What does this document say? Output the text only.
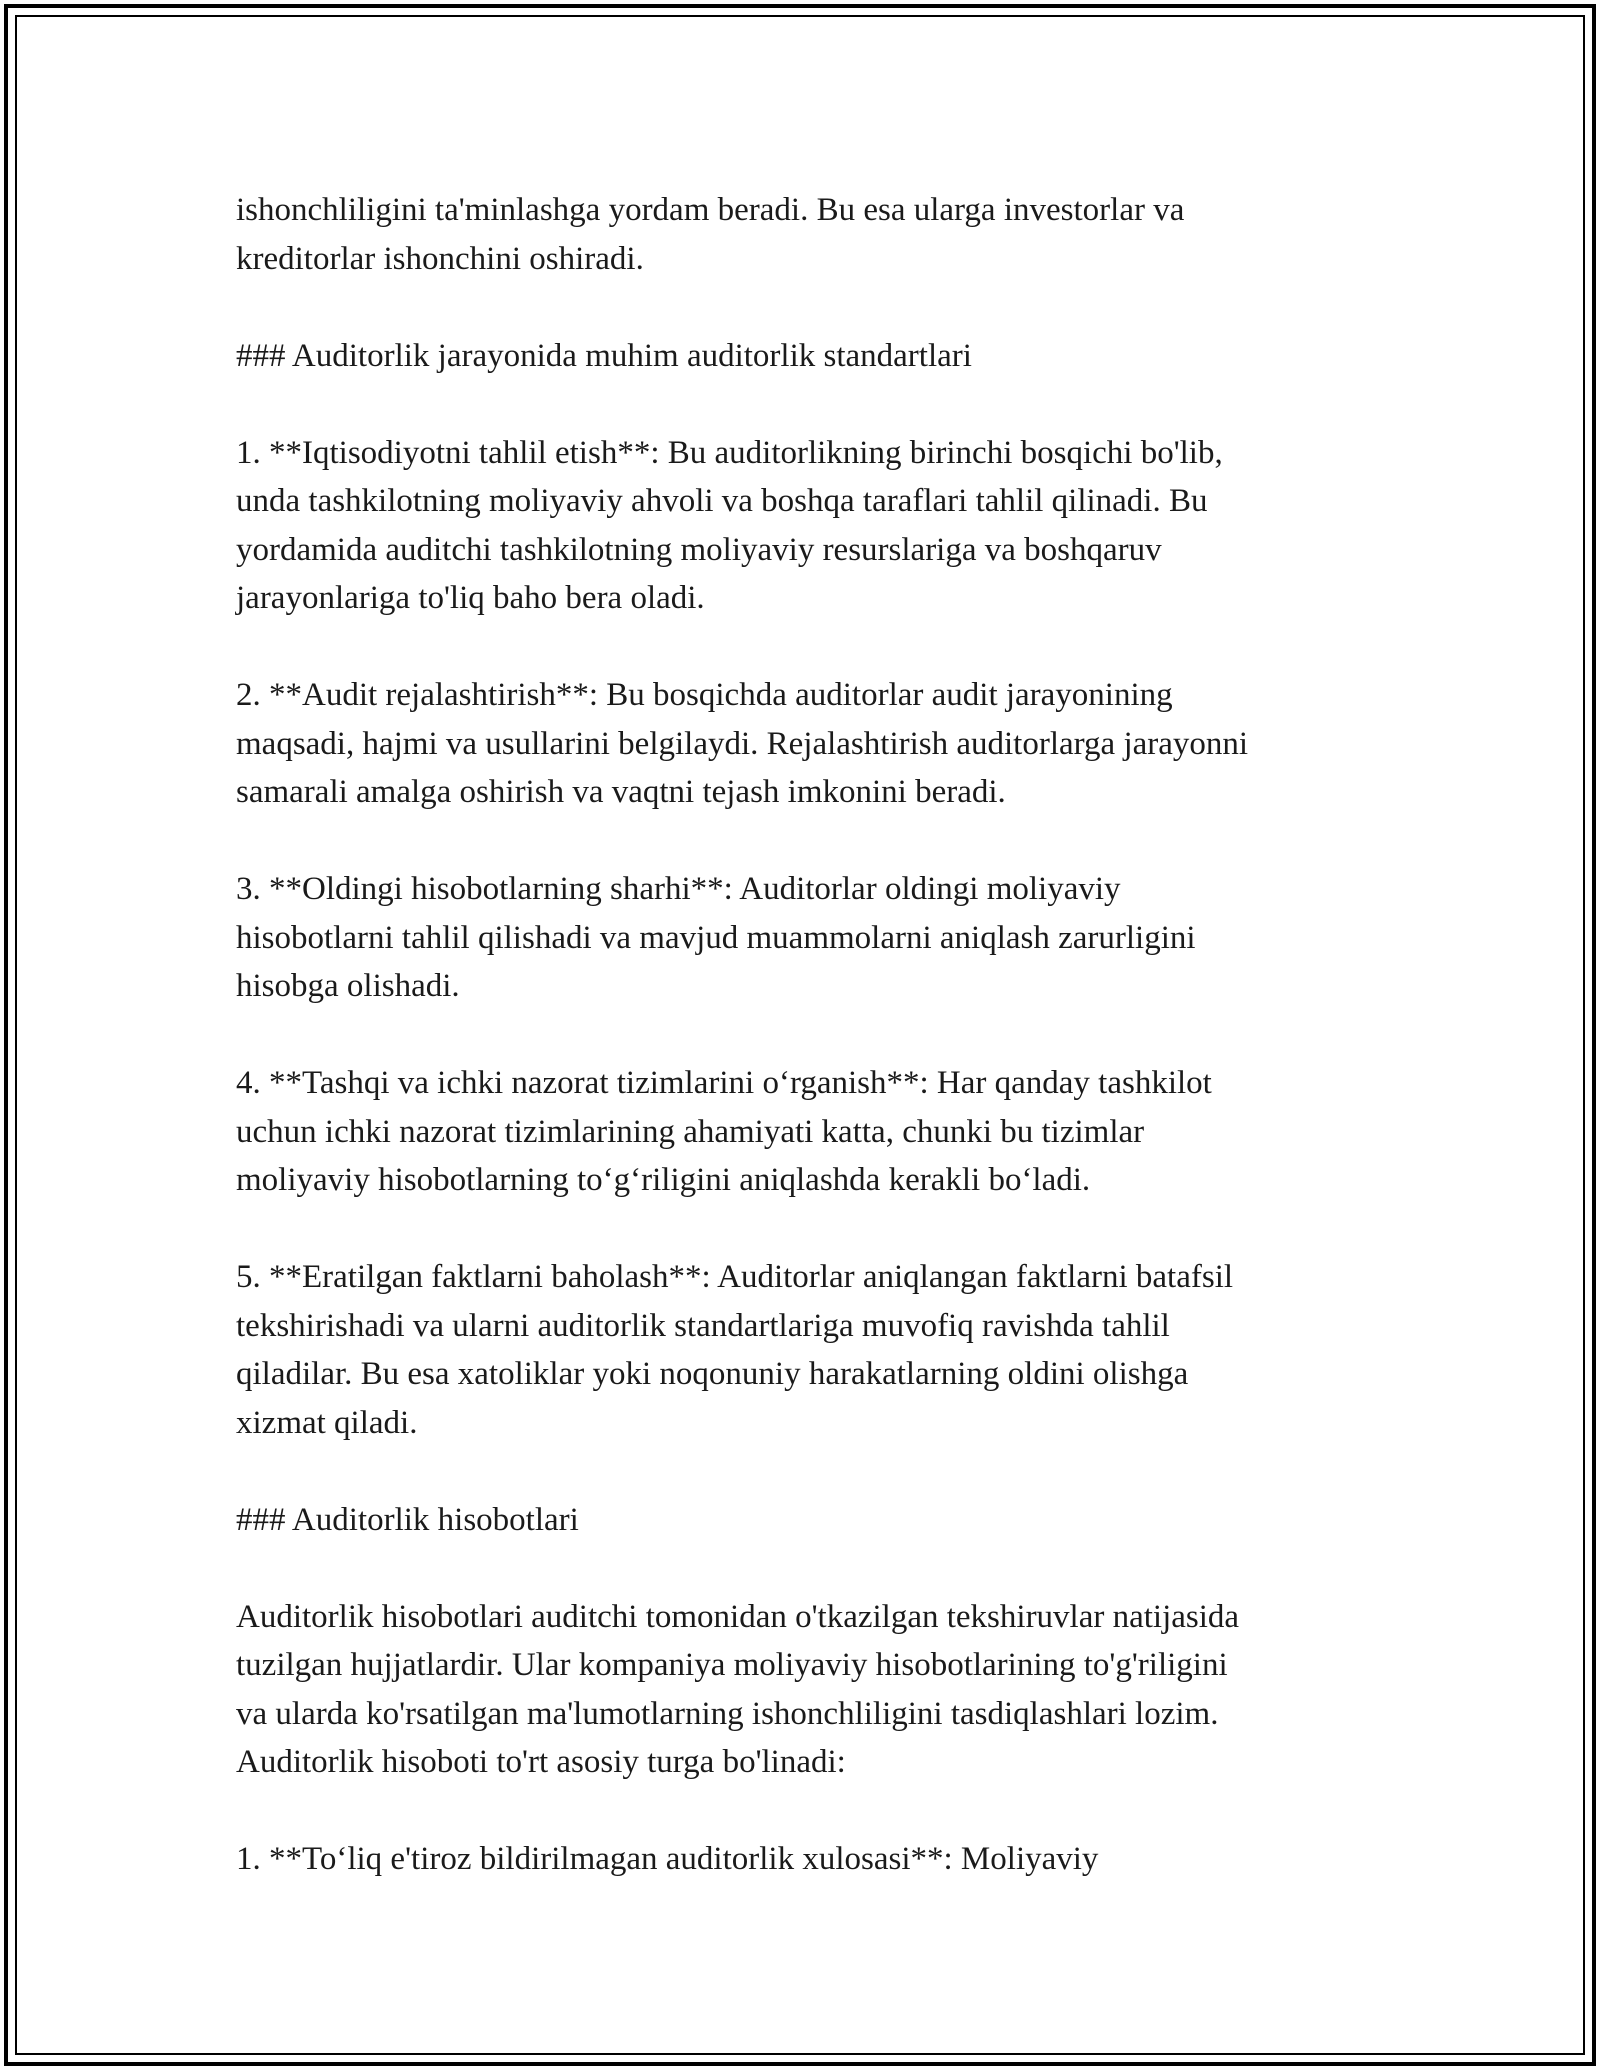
ishonchliligini ta'minlashga yordam beradi. Bu esa ularga investorlar va
kreditorlar ishonchini oshiradi.

### Auditorlik jarayonida muhim auditorlik standartlari

1. **Iqtisodiyotni tahlil etish**: Bu auditorlikning birinchi bosqichi bo'lib,
unda tashkilotning moliyaviy ahvoli va boshqa taraflari tahlil qilinadi. Bu
yordamida auditchi tashkilotning moliyaviy resurslariga va boshqaruv
jarayonlariga to'liq baho bera oladi.

2. **Audit rejalashtirish**: Bu bosqichda auditorlar audit jarayonining
maqsadi, hajmi va usullarini belgilaydi. Rejalashtirish auditorlarga jarayonni
samarali amalga oshirish va vaqtni tejash imkonini beradi.

3. **Oldingi hisobotlarning sharhi**: Auditorlar oldingi moliyaviy
hisobotlarni tahlil qilishadi va mavjud muammolarni aniqlash zarurligini
hisobga olishadi.

4. **Tashqi va ichki nazorat tizimlarini o‘rganish**: Har qanday tashkilot
uchun ichki nazorat tizimlarining ahamiyati katta, chunki bu tizimlar
moliyaviy hisobotlarning to‘g‘riligini aniqlashda kerakli bo‘ladi.

5. **Eratilgan faktlarni baholash**: Auditorlar aniqlangan faktlarni batafsil
tekshirishadi va ularni auditorlik standartlariga muvofiq ravishda tahlil
qiladilar. Bu esa xatoliklar yoki noqonuniy harakatlarning oldini olishga
xizmat qiladi.

### Auditorlik hisobotlari

Auditorlik hisobotlari auditchi tomonidan o'tkazilgan tekshiruvlar natijasida
tuzilgan hujjatlardir. Ular kompaniya moliyaviy hisobotlarining to'g'riligini
va ularda ko'rsatilgan ma'lumotlarning ishonchliligini tasdiqlashlari lozim.
Auditorlik hisoboti to'rt asosiy turga bo'linadi:

1. **To‘liq e'tiroz bildirilmagan auditorlik xulosasi**: Moliyaviy
